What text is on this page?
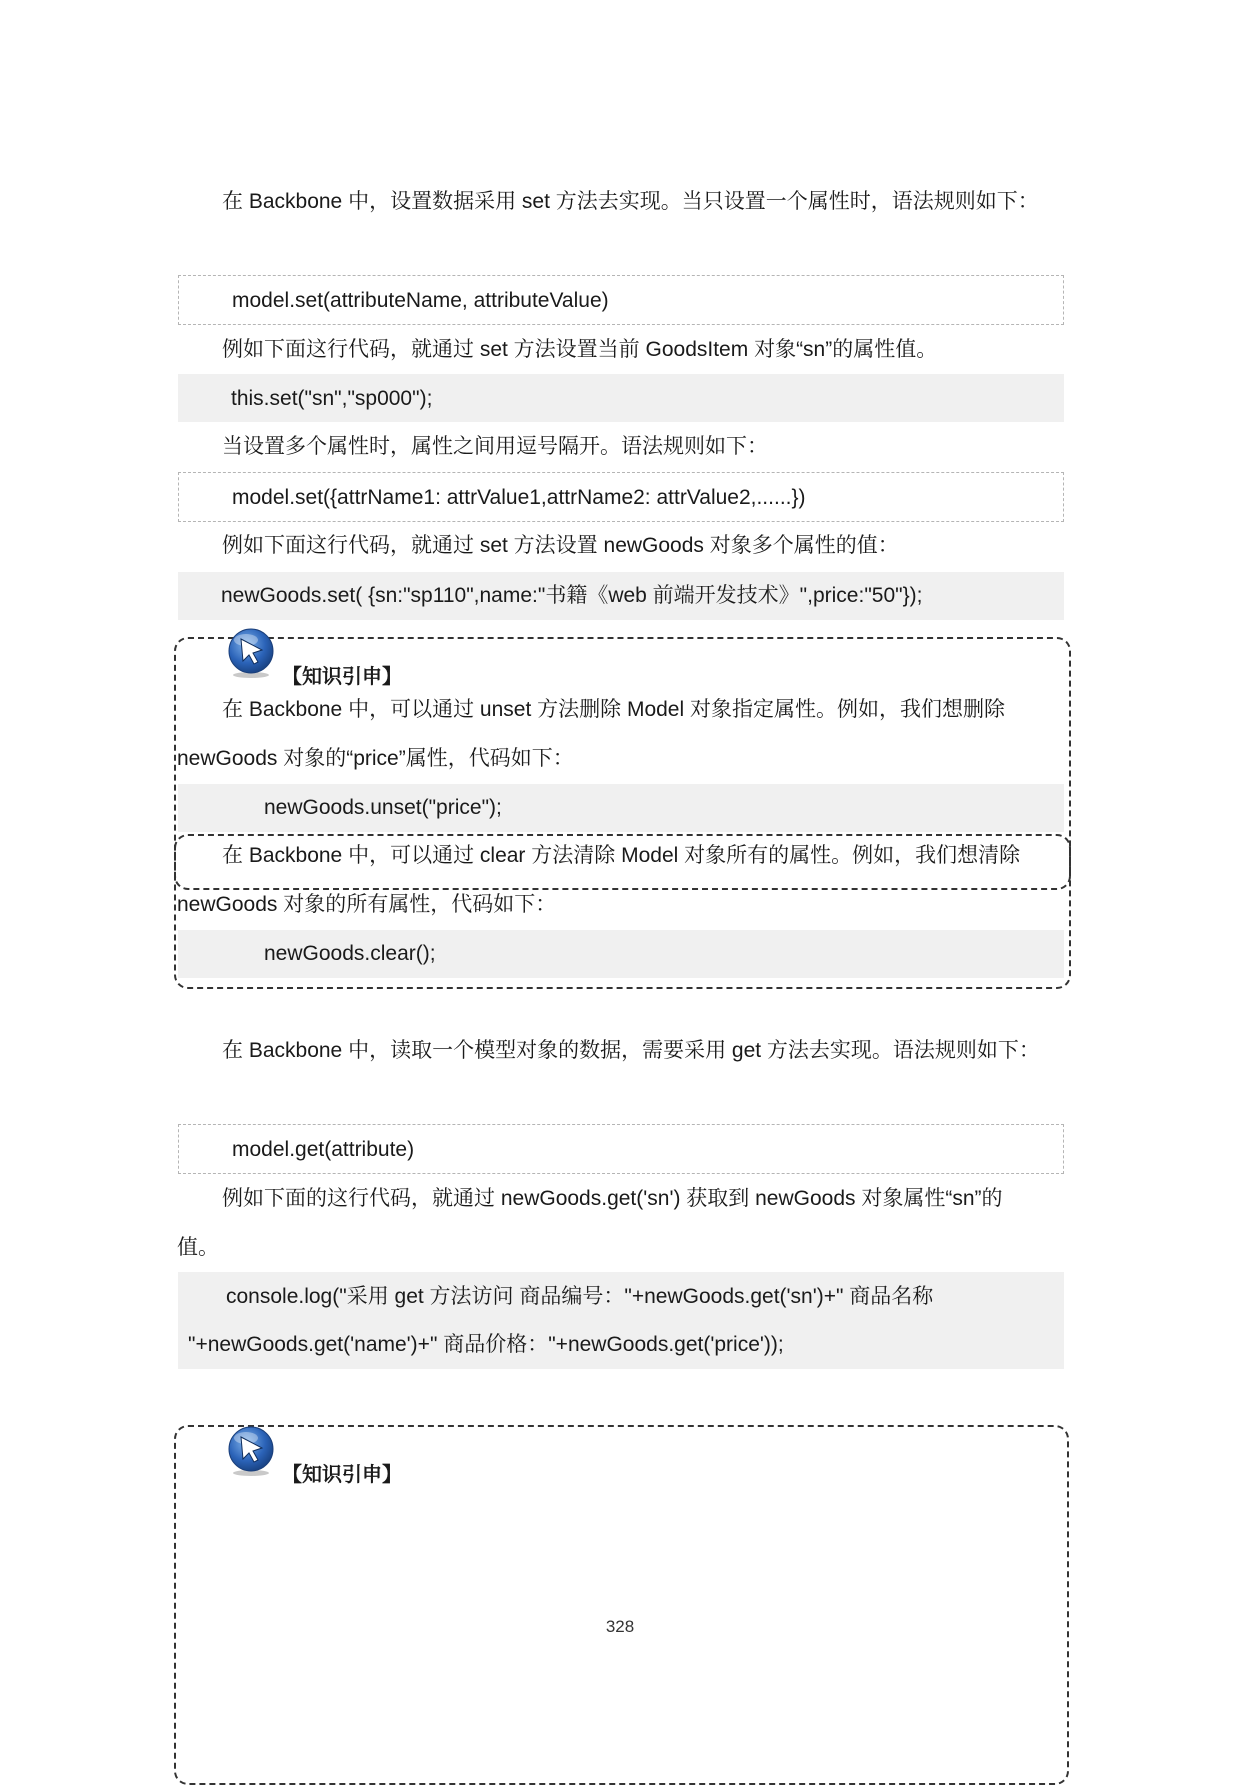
在 Backbone 中，设置数据采用 set 方法去实现。当只设置一个属性时，语法规则如下：
model.set(attributeName, attributeValue)
例如下面这行代码，就通过 set 方法设置当前 GoodsItem 对象“sn”的属性值。
this.set("sn","sp000");
当设置多个属性时，属性之间用逗号隔开。语法规则如下：
model.set({attrName1: attrValue1,attrName2: attrValue2,......})
例如下面这行代码，就通过 set 方法设置 newGoods 对象多个属性的值：
newGoods.set( {sn:"sp110",name:"书籍《web 前端开发技术》",price:"50"});
【知识引申】
在 Backbone 中，可以通过 unset 方法删除 Model 对象指定属性。例如，我们想删除
newGoods 对象的“price”属性，代码如下：
newGoods.unset("price");
在 Backbone 中，可以通过 clear 方法清除 Model 对象所有的属性。例如，我们想清除
newGoods 对象的所有属性，代码如下：
newGoods.clear();
在 Backbone 中，读取一个模型对象的数据，需要采用 get 方法去实现。语法规则如下：
model.get(attribute)
例如下面的这行代码，就通过 newGoods.get('sn') 获取到 newGoods 对象属性“sn”的
值。
console.log("采用 get 方法访问 商品编号："+newGoods.get('sn')+" 商品名称
"+newGoods.get('name')+" 商品价格："+newGoods.get('price'));
【知识引申】
328
